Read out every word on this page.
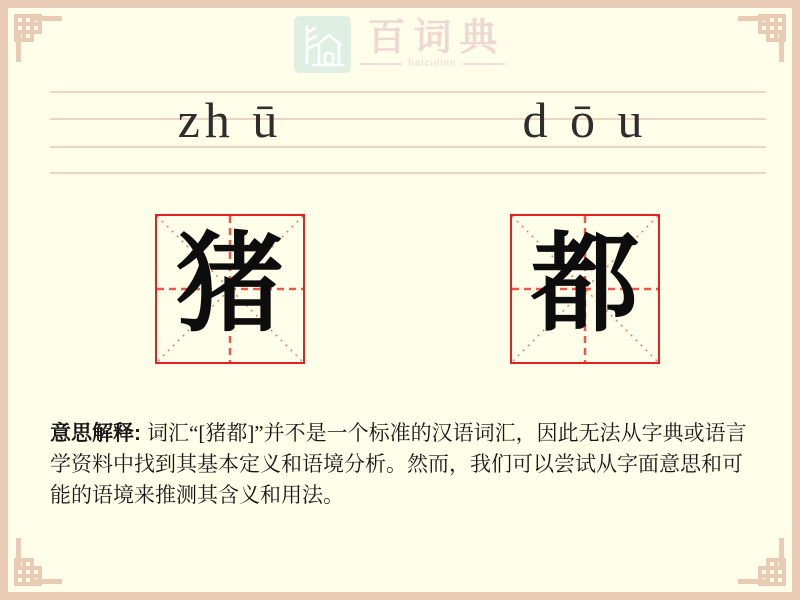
百词典
baicidian
zh ū	d ō u
猪 都
意思解释: 词汇“[猪都]”并不是一个标准的汉语词汇，因此无法从字典或语言学资料中找到其基本定义和语境分析。然而，我们可以尝试从字面意思和可能的语境来推测其含义和用法。
